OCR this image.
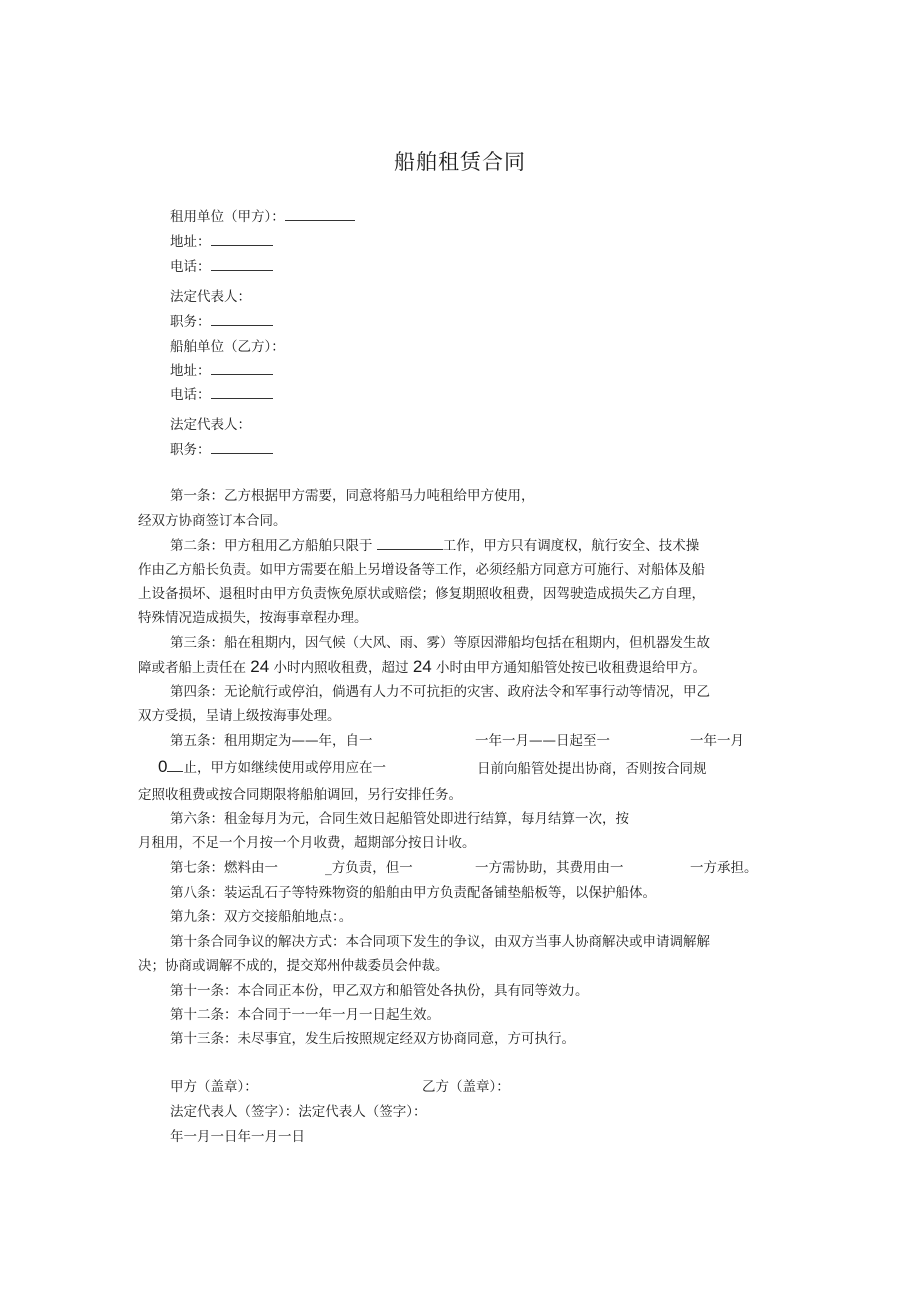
船舶租赁合同
租用单位（甲方）：
地址：
电话：
法定代表人：
职务：
船舶单位（乙方）：
地址：
电话：
法定代表人：
职务：
第一条：乙方根据甲方需要，同意将船马力吨租给甲方使用，
经双方协商签订本合同。
第二条：甲方租用乙方船舶只限于	工作，甲方只有调度权，航行安全、技术操
作由乙方船长负责。如甲方需要在船上另增设备等工作，必须经船方同意方可施行、对船体及船
上设备损坏、退租时由甲方负责恢免原状或赔偿；修复期照收租费，因驾驶造成损失乙方自理，
特殊情况造成损失，按海事章程办理。
第三条：船在租期内，因气候（大风、雨、雾）等原因滞船均包括在租期内，但机器发生故
障或者船上责任在 24 小时内照收租费，超过 24 小时由甲方通知船管处按已收租费退给甲方。
第四条：无论航行或停泊，倘遇有人力不可抗拒的灾害、政府法令和军事行动等情况，甲乙
双方受损，呈请上级按海事处理。
第五条：租用期定为——年，自一	一年一月——日起至一	一年一月
0 止，甲方如继续使用或停用应在一	日前向船管处提出协商，否则按合同规
定照收租费或按合同期限将船舶调回，另行安排任务。
第六条：租金每月为元，合同生效日起船管处即进行结算，每月结算一次，按
月租用，不足一个月按一个月收费，超期部分按日计收。
第七条：燃料由一	_方负责，但一	一方需协助，其费用由一	一方承担。
第八条：装运乱石子等特殊物资的船舶由甲方负责配备铺垫船板等，以保护船体。
第九条：双方交接船舶地点：。
第十条合同争议的解决方式：本合同项下发生的争议，由双方当事人协商解决或申请调解解
决；协商或调解不成的，提交郑州仲裁委员会仲裁。
第十一条：本合同正本份，甲乙双方和船管处各执份，具有同等效力。
第十二条：本合同于一一年一月一日起生效。
第十三条：未尽事宜，发生后按照规定经双方协商同意，方可执行。
甲方（盖章）：	乙方（盖章）：
法定代表人（签字）：法定代表人（签字）：
年一月一日年一月一日
